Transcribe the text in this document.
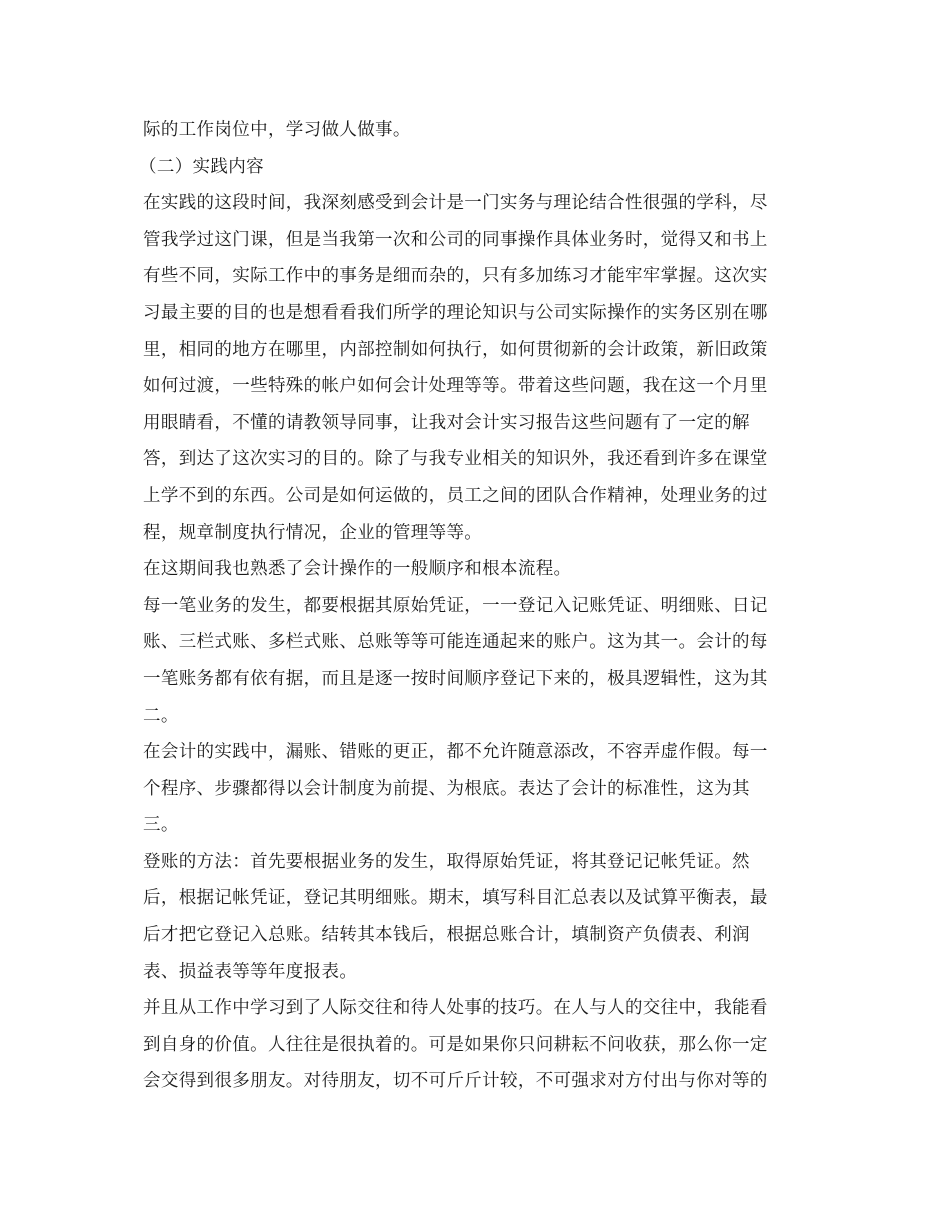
际的工作岗位中，学习做人做事。
（二）实践内容
在实践的这段时间，我深刻感受到会计是一门实务与理论结合性很强的学科，尽
管我学过这门课，但是当我第一次和公司的同事操作具体业务时，觉得又和书上
有些不同，实际工作中的事务是细而杂的，只有多加练习才能牢牢掌握。这次实
习最主要的目的也是想看看我们所学的理论知识与公司实际操作的实务区别在哪
里，相同的地方在哪里，内部控制如何执行，如何贯彻新的会计政策，新旧政策
如何过渡，一些特殊的帐户如何会计处理等等。带着这些问题，我在这一个月里
用眼睛看，不懂的请教领导同事，让我对会计实习报告这些问题有了一定的解
答，到达了这次实习的目的。除了与我专业相关的知识外，我还看到许多在课堂
上学不到的东西。公司是如何运做的，员工之间的团队合作精神，处理业务的过
程，规章制度执行情况，企业的管理等等。
在这期间我也熟悉了会计操作的一般顺序和根本流程。
每一笔业务的发生，都要根据其原始凭证，一一登记入记账凭证、明细账、日记
账、三栏式账、多栏式账、总账等等可能连通起来的账户。这为其一。会计的每
一笔账务都有依有据，而且是逐一按时间顺序登记下来的，极具逻辑性，这为其
二。
在会计的实践中，漏账、错账的更正，都不允许随意添改，不容弄虚作假。每一
个程序、步骤都得以会计制度为前提、为根底。表达了会计的标准性，这为其
三。
登账的方法：首先要根据业务的发生，取得原始凭证，将其登记记帐凭证。然
后，根据记帐凭证，登记其明细账。期末，填写科目汇总表以及试算平衡表，最
后才把它登记入总账。结转其本钱后，根据总账合计，填制资产负债表、利润
表、损益表等等年度报表。
并且从工作中学习到了人际交往和待人处事的技巧。在人与人的交往中，我能看
到自身的价值。人往往是很执着的。可是如果你只问耕耘不问收获，那么你一定
会交得到很多朋友。对待朋友，切不可斤斤计较，不可强求对方付出与你对等的
